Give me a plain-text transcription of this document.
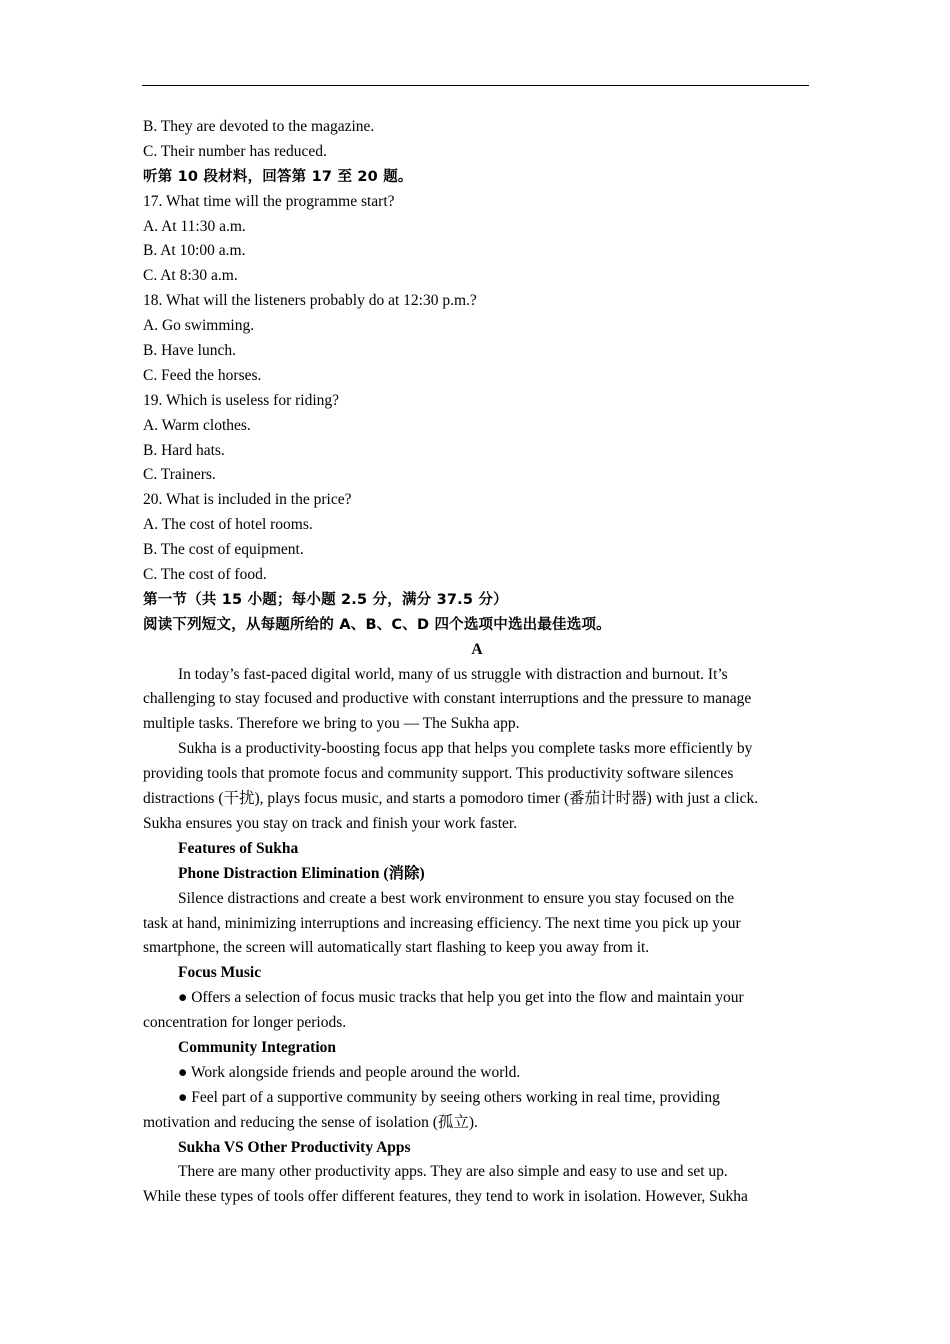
B. They are devoted to the magazine.
C. Their number has reduced.
听第 10 段材料，回答第 17 至 20 题。
17. What time will the programme start?
A. At 11:30 a.m.
B. At 10:00 a.m.
C. At 8:30 a.m.
18. What will the listeners probably do at 12:30 p.m.?
A. Go swimming.
B. Have lunch.
C. Feed the horses.
19. Which is useless for riding?
A. Warm clothes.
B. Hard hats.
C. Trainers.
20. What is included in the price?
A. The cost of hotel rooms.
B. The cost of equipment.
C. The cost of food.
第一节（共 15 小题；每小题 2.5 分，满分 37.5 分）
阅读下列短文，从每题所给的 A、B、C、D 四个选项中选出最佳选项。
A
In today’s fast-paced digital world, many of us struggle with distraction and burnout. It’s
challenging to stay focused and productive with constant interruptions and the pressure to manage
multiple tasks. Therefore we bring to you — The Sukha app.
Sukha is a productivity-boosting focus app that helps you complete tasks more efficiently by
providing tools that promote focus and community support. This productivity software silences
distractions (干扰), plays focus music, and starts a pomodoro timer (番茄计时器) with just a click.
Sukha ensures you stay on track and finish your work faster.
Features of Sukha
Phone Distraction Elimination (消除)
Silence distractions and create a best work environment to ensure you stay focused on the
task at hand, minimizing interruptions and increasing efficiency. The next time you pick up your
smartphone, the screen will automatically start flashing to keep you away from it.
Focus Music
● Offers a selection of focus music tracks that help you get into the flow and maintain your
concentration for longer periods.
Community Integration
● Work alongside friends and people around the world.
● Feel part of a supportive community by seeing others working in real time, providing
motivation and reducing the sense of isolation (孤立).
Sukha VS Other Productivity Apps
There are many other productivity apps. They are also simple and easy to use and set up.
While these types of tools offer different features, they tend to work in isolation. However, Sukha
